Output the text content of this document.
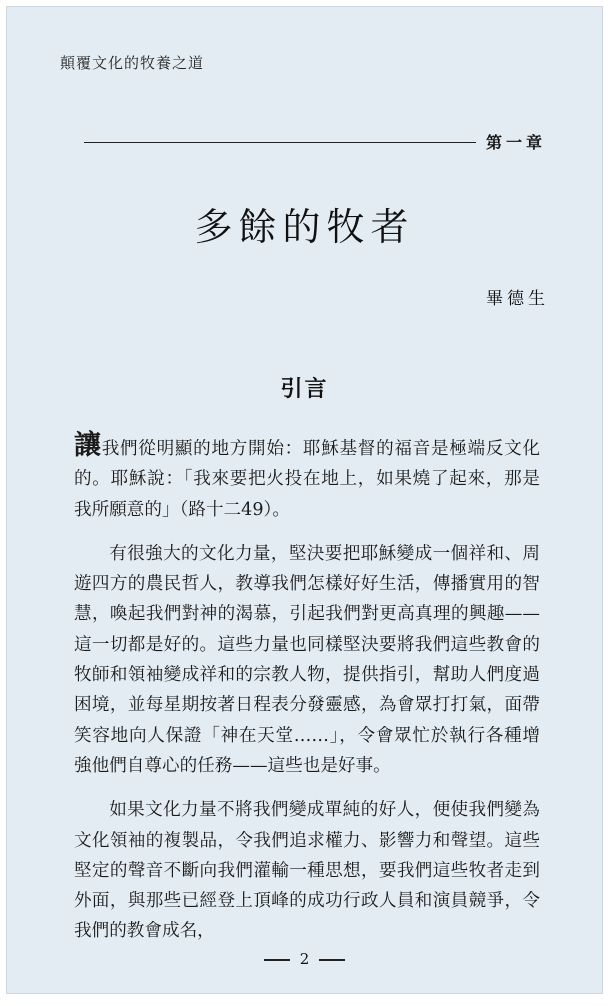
顛覆文化的牧養之道
第一章
多餘的牧者
畢德生
引言

讓我們從明顯的地方開始：耶穌基督的福音是極端反文化的。耶穌說：「我來要把火投在地上，如果燒了起來，那是我所願意的」（路十二49）。

有很強大的文化力量，堅決要把耶穌變成一個祥和、周遊四方的農民哲人，教導我們怎樣好好生活，傳播實用的智慧，喚起我們對神的渴慕，引起我們對更高真理的興趣——這一切都是好的。這些力量也同樣堅決要將我們這些教會的牧師和領袖變成祥和的宗教人物，提供指引，幫助人們度過困境，並每星期按著日程表分發靈感，為會眾打打氣，面帶笑容地向人保證「神在天堂……」，令會眾忙於執行各種增強他們自尊心的任務——這些也是好事。

如果文化力量不將我們變成單純的好人，便使我們變為文化領袖的複製品，令我們追求權力、影響力和聲望。這些堅定的聲音不斷向我們灌輸一種思想，要我們這些牧者走到外面，與那些已經登上頂峰的成功行政人員和演員競爭，令我們的教會成名，

2
